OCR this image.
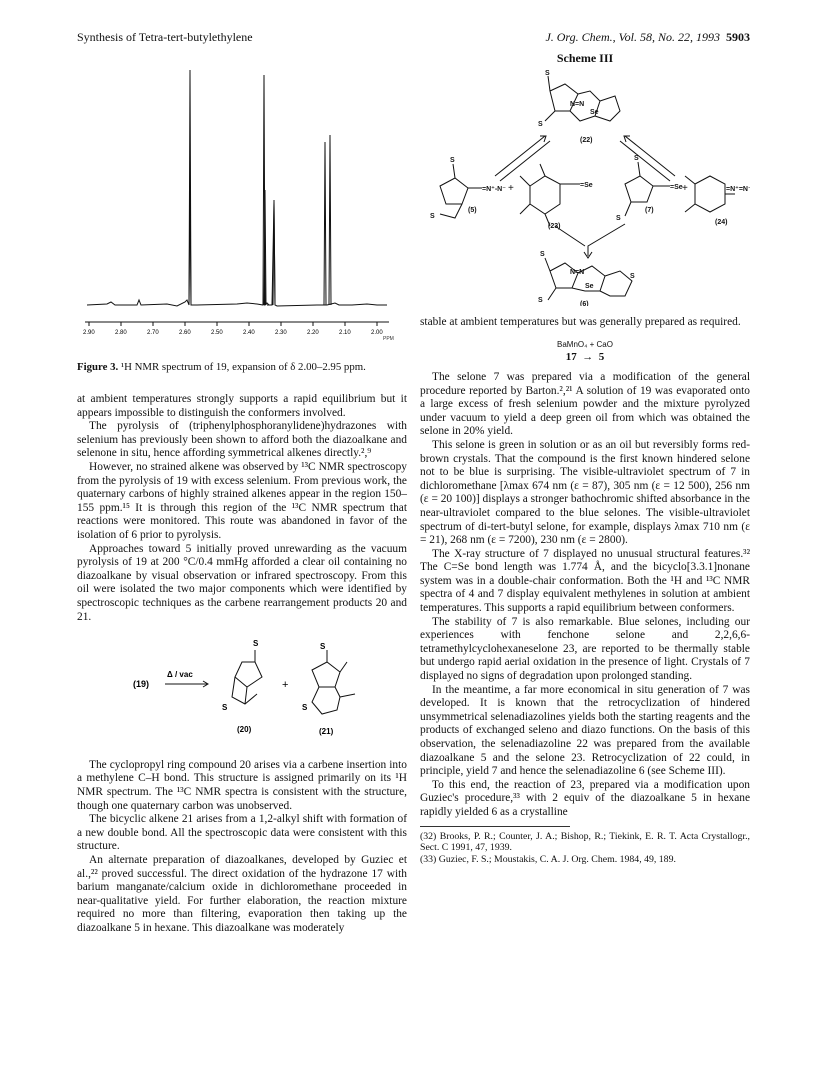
Synthesis of Tetra-tert-butylethylene	J. Org. Chem., Vol. 58, No. 22, 1993 5903
2.90	2.80	2.70	2.60	2.50	2.40	2.30	2.20	2.10	2.00
PPM

Figure 3. ¹H NMR spectrum of 19, expansion of δ 2.00–2.95 ppm.

at ambient temperatures strongly supports a rapid equilibrium but it appears impossible to distinguish the conformers involved.

The pyrolysis of (triphenylphosphoranylidene)hydrazones with selenium has previously been shown to afford both the diazoalkane and selenone in situ, hence affording symmetrical alkenes directly.²,⁹

However, no strained alkene was observed by ¹³C NMR spectroscopy from the pyrolysis of 19 with excess selenium. From previous work, the quaternary carbons of highly strained alkenes appear in the region 150–155 ppm.¹⁵ It is through this region of the ¹³C NMR spectrum that reactions were monitored. This route was abandoned in favor of the isolation of 6 prior to pyrolysis.

Approaches toward 5 initially proved unrewarding as the vacuum pyrolysis of 19 at 200 °C/0.4 mmHg afforded a clear oil containing no diazoalkane by visual observation or infrared spectroscopy. From this oil were isolated the two major components which were identified by spectroscopic techniques as the carbene rearrangement products 20 and 21.

(19)
Δ / vac
S
S
(20)
+
S
S
(21)

The cyclopropyl ring compound 20 arises via a carbene insertion into a methylene C–H bond. This structure is assigned primarily on its ¹H NMR spectrum. The ¹³C NMR spectra is consistent with the structure, though one quaternary carbon was unobserved.

The bicyclic alkene 21 arises from a 1,2-alkyl shift with formation of a new double bond. All the spectroscopic data were consistent with this structure.

An alternate preparation of diazoalkanes, developed by Guziec et al.,²² proved successful. The direct oxidation of the hydrazone 17 with barium manganate/calcium oxide in dichloromethane proceeded in near-qualitative yield. For further elaboration, the reaction mixture required no more than filtering, evaporation then taking up the diazoalkane 5 in hexane. This diazoalkane was moderately

Scheme III
S
N=N
Se
S
S
S
=N⁺-N⁻
=Se
S
S
=Se	=N⁺=N⁻
S
N=N
Se
S
S
(22)
(5)
+
(23)
(7)
+
(24)
(6)

stable at ambient temperatures but was generally prepared as required.

BaMnO₄ + CaO
17 → 5

The selone 7 was prepared via a modification of the general procedure reported by Barton.²,²¹ A solution of 19 was evaporated onto a large excess of fresh selenium powder and the mixture pyrolyzed under vacuum to yield a deep green oil from which was obtained the selone in 20% yield.

This selone is green in solution or as an oil but reversibly forms red-brown crystals. That the compound is the first known hindered selone not to be blue is surprising. The visible-ultraviolet spectrum of 7 in dichloromethane [λmax 674 nm (ε = 87), 305 nm (ε = 12 500), 256 nm (ε = 20 100)] displays a stronger bathochromic shifted absorbance in the near-ultraviolet compared to the blue selones. The visible-ultraviolet spectrum of di-tert-butyl selone, for example, displays λmax 710 nm (ε = 21), 268 nm (ε = 7200), 230 nm (ε = 2800).

The X-ray structure of 7 displayed no unusual structural features.³² The C=Se bond length was 1.774 Å, and the bicyclo[3.3.1]nonane system was in a double-chair conformation. Both the ¹H and ¹³C NMR spectra of 4 and 7 display equivalent methylenes in solution at ambient temperatures. This supports a rapid equilibrium between conformers.

The stability of 7 is also remarkable. Blue selones, including our experiences with fenchone selone and 2,2,6,6-tetramethylcyclohexaneselone 23, are reported to be thermally stable but undergo rapid aerial oxidation in the presence of light. Crystals of 7 displayed no signs of degradation upon prolonged standing.

In the meantime, a far more economical in situ generation of 7 was developed. It is known that the retrocyclization of hindered unsymmetrical selenadiazolines yields both the starting reagents and the products of exchanged seleno and diazo functions. On the basis of this observation, the selenadiazoline 22 was prepared from the available diazoalkane 5 and the selone 23. Retrocyclization of 22 could, in principle, yield 7 and hence the selenadiazoline 6 (see Scheme III).

To this end, the reaction of 23, prepared via a modification upon Guziec's procedure,³³ with 2 equiv of the diazoalkane 5 in hexane rapidly yielded 6 as a crystalline

(32) Brooks, P. R.; Counter, J. A.; Bishop, R.; Tiekink, E. R. T. Acta Crystallogr., Sect. C 1991, 47, 1939.

(33) Guziec, F. S.; Moustakis, C. A. J. Org. Chem. 1984, 49, 189.
